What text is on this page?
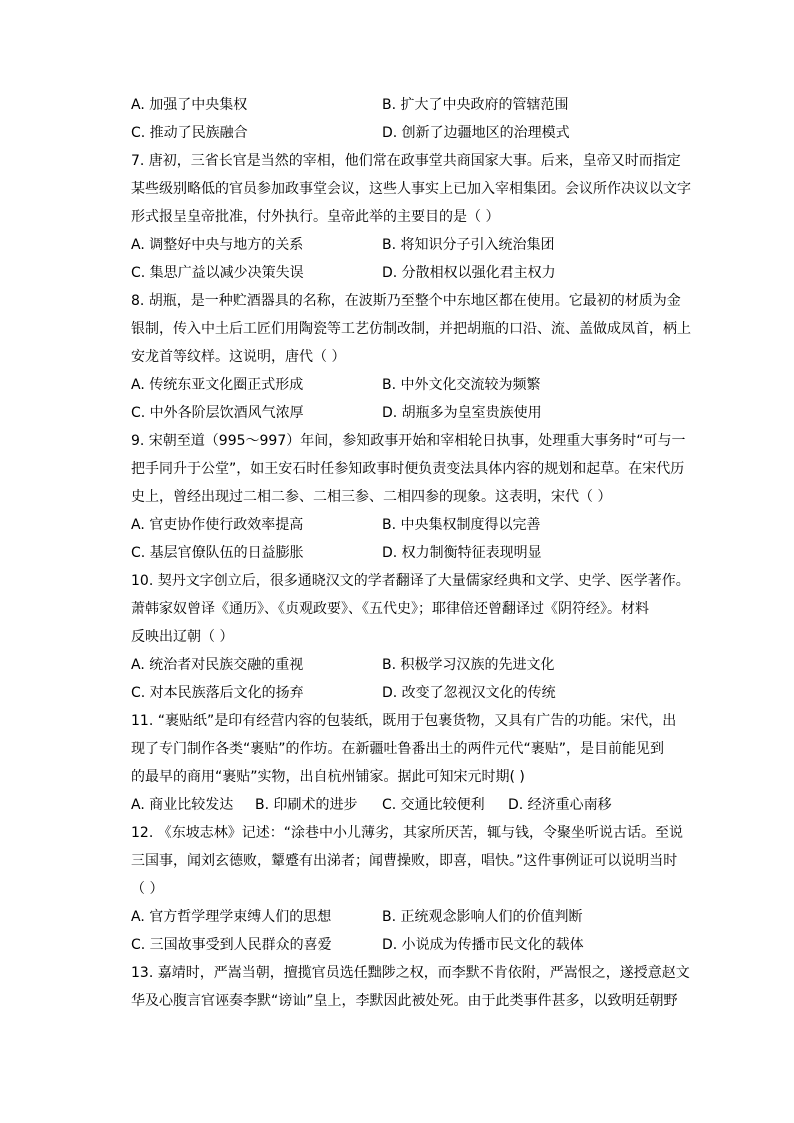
A. 加强了中央集权	B. 扩大了中央政府的管辖范围
C. 推动了民族融合	D. 创新了边疆地区的治理模式
7. 唐初，三省长官是当然的宰相，他们常在政事堂共商国家大事。后来，皇帝又时而指定
某些级别略低的官员参加政事堂会议，这些人事实上已加入宰相集团。会议所作决议以文字
形式报呈皇帝批准，付外执行。皇帝此举的主要目的是（ ）
A. 调整好中央与地方的关系	B. 将知识分子引入统治集团
C. 集思广益以减少决策失误	D. 分散相权以强化君主权力
8. 胡瓶，是一种贮酒器具的名称，在波斯乃至整个中东地区都在使用。它最初的材质为金
银制，传入中土后工匠们用陶瓷等工艺仿制改制，并把胡瓶的口沿、流、盖做成凤首，柄上
安龙首等纹样。这说明，唐代（ ）
A. 传统东亚文化圈正式形成	B. 中外文化交流较为频繁
C. 中外各阶层饮酒风气浓厚	D. 胡瓶多为皇室贵族使用
9. 宋朝至道（995～997）年间，参知政事开始和宰相轮日执事，处理重大事务时“可与一
把手同升于公堂”，如王安石时任参知政事时便负责变法具体内容的规划和起草。在宋代历
史上，曾经出现过二相二参、二相三参、二相四参的现象。这表明，宋代（ ）
A. 官吏协作使行政效率提高	B. 中央集权制度得以完善
C. 基层官僚队伍的日益膨胀	D. 权力制衡特征表现明显
10. 契丹文字创立后，很多通晓汉文的学者翻译了大量儒家经典和文学、史学、医学著作。
萧韩家奴曾译《通历》、《贞观政要》、《五代史》；耶律倍还曾翻译过《阴符经》。材料
反映出辽朝（ ）
A. 统治者对民族交融的重视	B. 积极学习汉族的先进文化
C. 对本民族落后文化的扬弃	D. 改变了忽视汉文化的传统
11. “裹贴纸”是印有经营内容的包装纸，既用于包裹货物，又具有广告的功能。宋代，出
现了专门制作各类“裹贴”的作坊。在新疆吐鲁番出土的两件元代“裹贴”，是目前能见到
的最早的商用“裹贴”实物，出自杭州铺家。据此可知宋元时期( )
A. 商业比较发达 B. 印刷术的进步 C. 交通比较便利 D. 经济重心南移
12. 《东坡志林》记述：“涂巷中小儿薄劣，其家所厌苦，辄与钱，令聚坐听说古话。至说
三国事，闻刘玄德败，颦蹙有出涕者；闻曹操败，即喜，唱快。”这件事例证可以说明当时
（ ）
A. 官方哲学理学束缚人们的思想	B. 正统观念影响人们的价值判断
C. 三国故事受到人民群众的喜爱	D. 小说成为传播市民文化的载体
13. 嘉靖时，严嵩当朝，擅揽官员选任黜陟之权，而李默不肯依附，严嵩恨之，遂授意赵文
华及心腹言官诬奏李默“谤讪”皇上，李默因此被处死。由于此类事件甚多，以致明廷朝野
